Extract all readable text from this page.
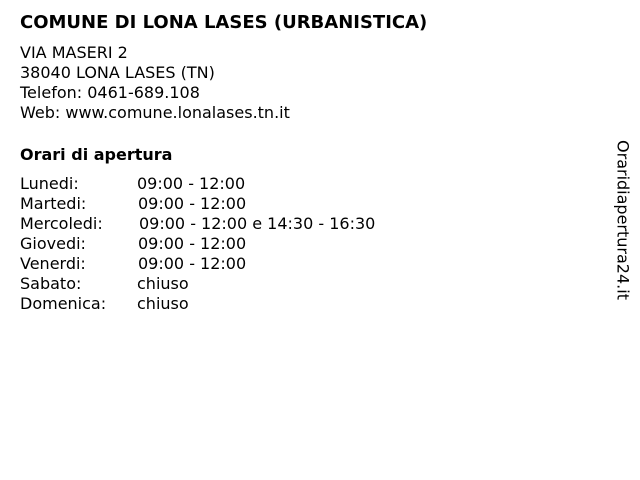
COMUNE DI LONA LASES (URBANISTICA)
VIA MASERI 2
38040 LONA LASES (TN)
Telefon: 0461-689.108
Web: www.comune.lonalases.tn.it
Orari di apertura
Lunedi:	09:00 - 12:00
Martedi:	09:00 - 12:00
Mercoledi: 09:00 - 12:00 e 14:30 - 16:30
Giovedi:	09:00 - 12:00
Venerdi:	09:00 - 12:00
Sabato:	chiuso
Domenica: chiuso
Oraridiapertura24.it
